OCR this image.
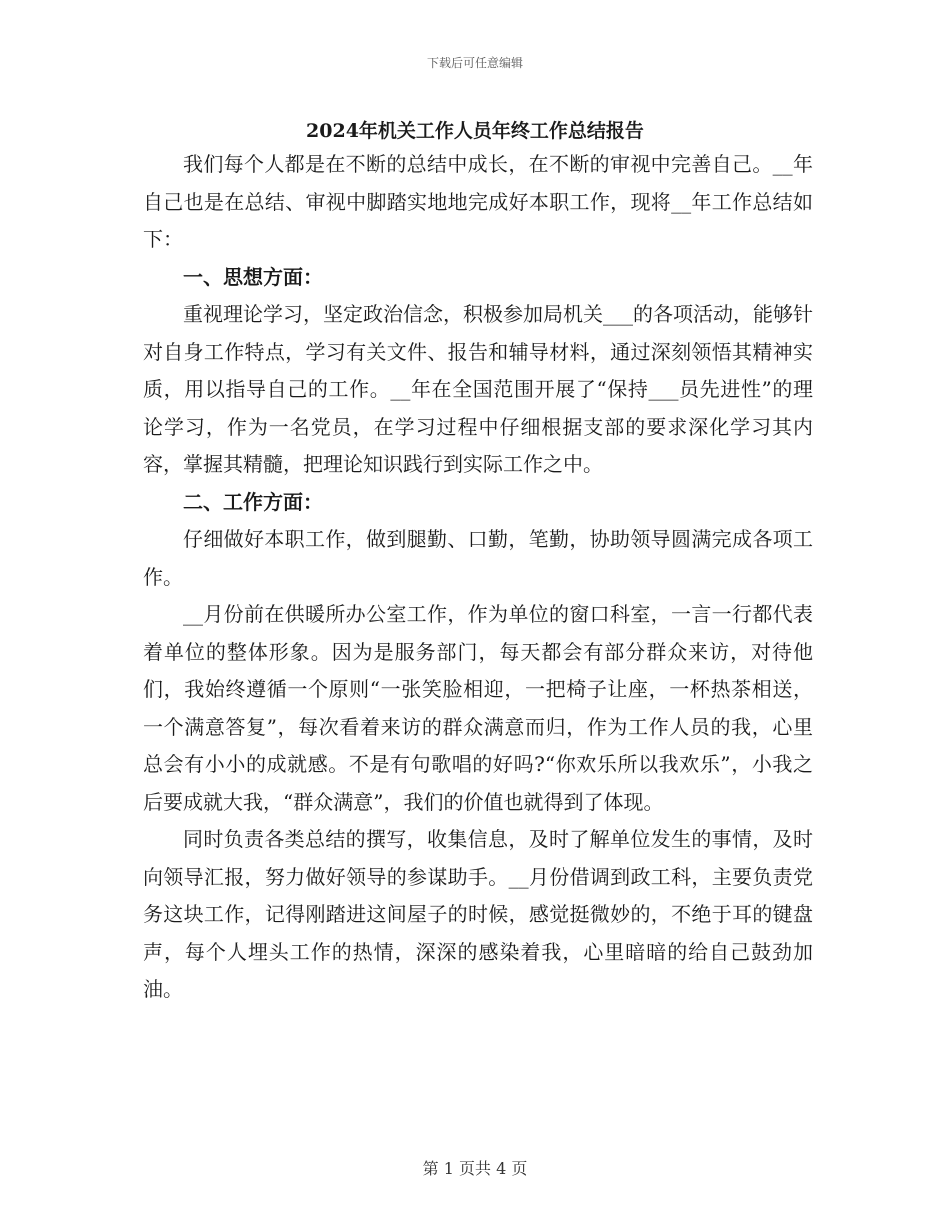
下载后可任意编辑
2024年机关工作人员年终工作总结报告

我们每个人都是在不断的总结中成长，在不断的审视中完善自己。__年自己也是在总结、审视中脚踏实地地完成好本职工作，现将__年工作总结如下：

一、思想方面：

重视理论学习，坚定政治信念，积极参加局机关___的各项活动，能够针对自身工作特点，学习有关文件、报告和辅导材料，通过深刻领悟其精神实质，用以指导自己的工作。__年在全国范围开展了“保持___员先进性”的理论学习，作为一名党员，在学习过程中仔细根据支部的要求深化学习其内容，掌握其精髓，把理论知识践行到实际工作之中。

二、工作方面：

仔细做好本职工作，做到腿勤、口勤，笔勤，协助领导圆满完成各项工作。

__月份前在供暖所办公室工作，作为单位的窗口科室，一言一行都代表着单位的整体形象。因为是服务部门，每天都会有部分群众来访，对待他们，我始终遵循一个原则“一张笑脸相迎，一把椅子让座，一杯热茶相送，一个满意答复”，每次看着来访的群众满意而归，作为工作人员的我，心里总会有小小的成就感。不是有句歌唱的好吗?“你欢乐所以我欢乐”，小我之后要成就大我，“群众满意”，我们的价值也就得到了体现。

同时负责各类总结的撰写，收集信息，及时了解单位发生的事情，及时向领导汇报，努力做好领导的参谋助手。__月份借调到政工科，主要负责党务这块工作，记得刚踏进这间屋子的时候，感觉挺微妙的，不绝于耳的键盘声，每个人埋头工作的热情，深深的感染着我，心里暗暗的给自己鼓劲加油。

第 1 页共 4 页
